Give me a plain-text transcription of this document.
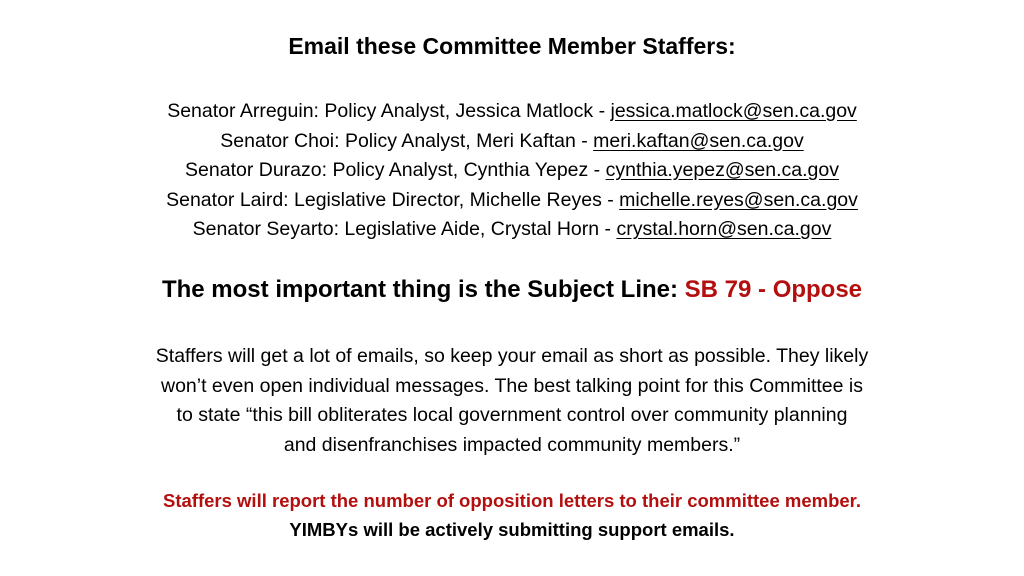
Email these Committee Member Staffers:
Senator Arreguin: Policy Analyst, Jessica Matlock - jessica.matlock@sen.ca.gov
Senator Choi: Policy Analyst, Meri Kaftan - meri.kaftan@sen.ca.gov
Senator Durazo: Policy Analyst, Cynthia Yepez - cynthia.yepez@sen.ca.gov
Senator Laird: Legislative Director, Michelle Reyes - michelle.reyes@sen.ca.gov
Senator Seyarto: Legislative Aide, Crystal Horn - crystal.horn@sen.ca.gov
The most important thing is the Subject Line: SB 79 - Oppose
Staffers will get a lot of emails, so keep your email as short as possible. They likely
won’t even open individual messages. The best talking point for this Committee is
to state “this bill obliterates local government control over community planning
and disenfranchises impacted community members.”
Staffers will report the number of opposition letters to their committee member.
YIMBYs will be actively submitting support emails.
